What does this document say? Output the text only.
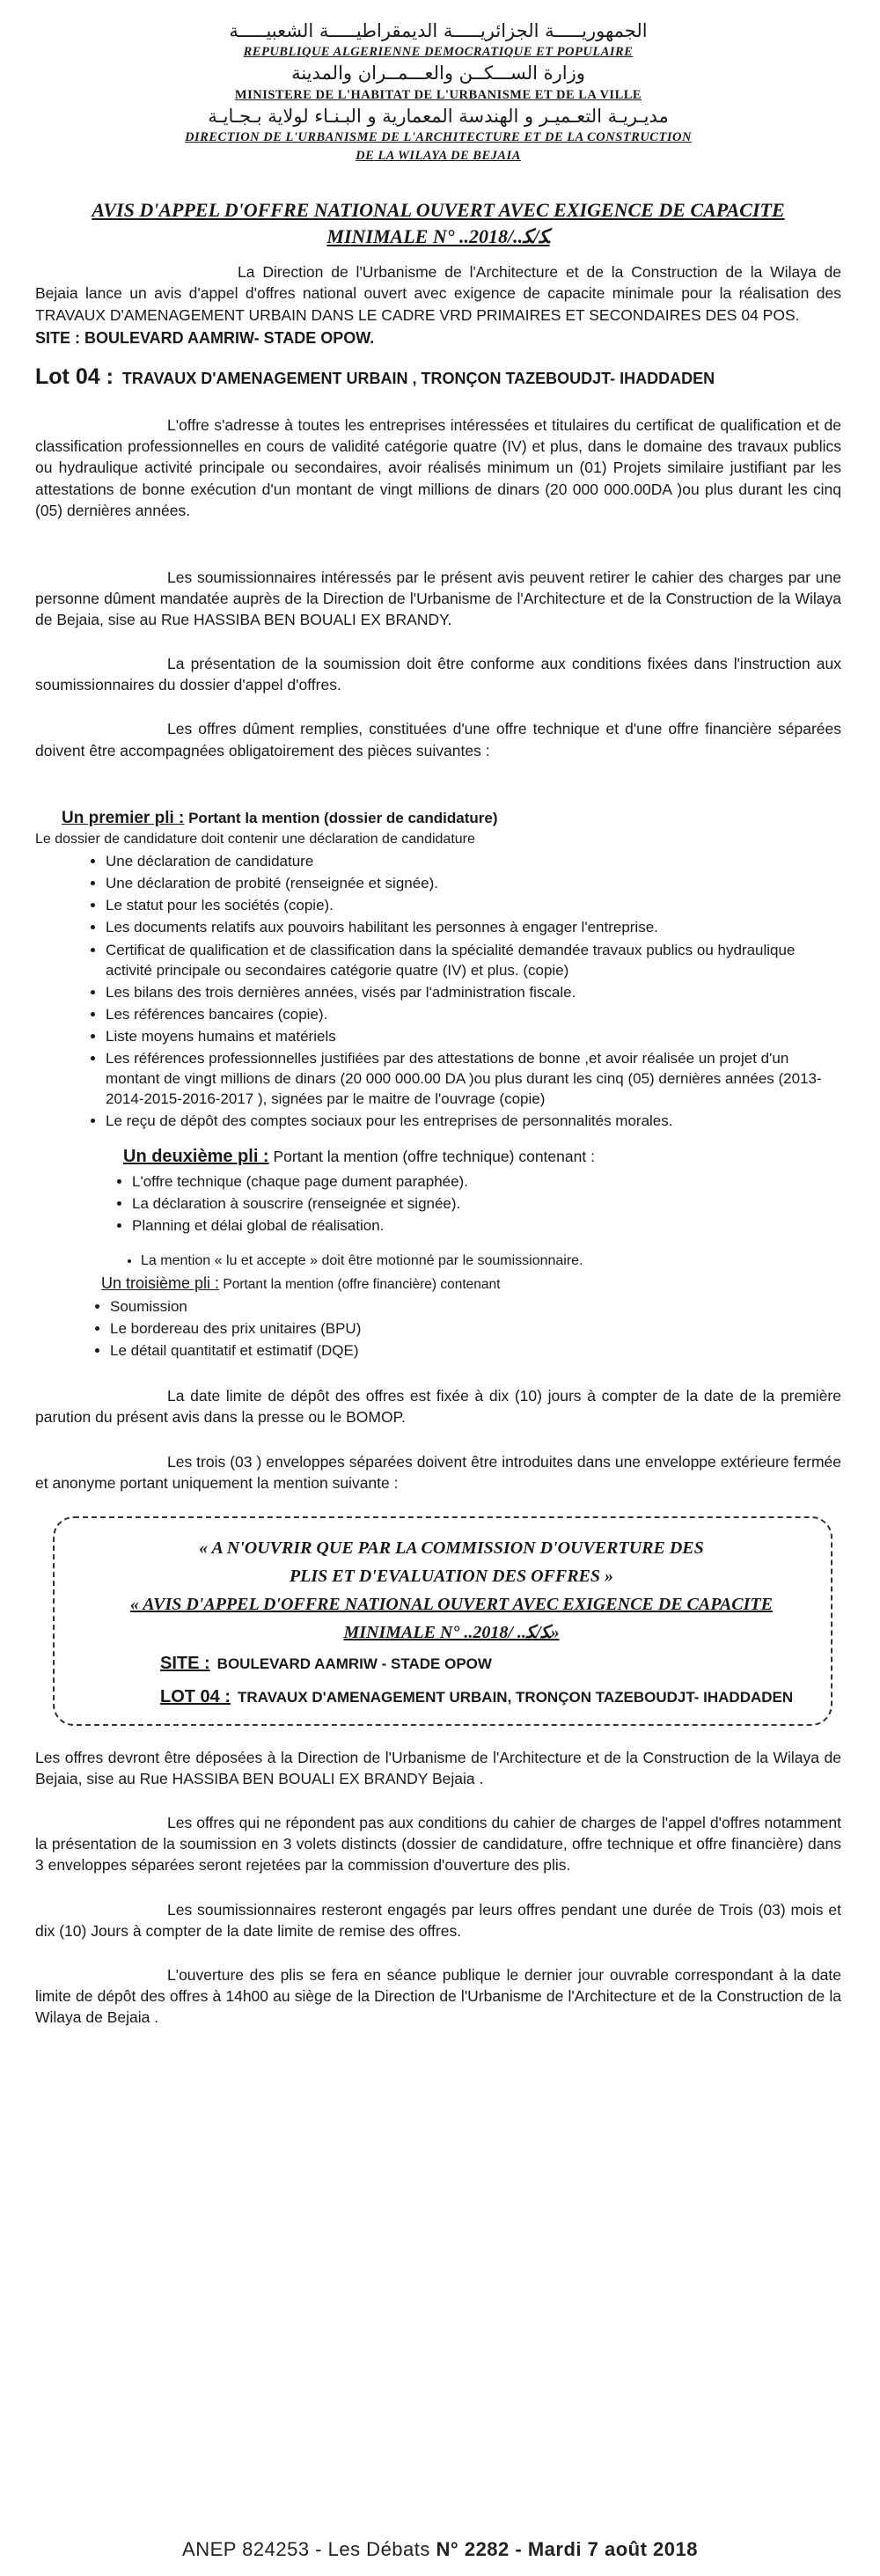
الجمهوريـــــة الجزائريـــــة الديمقراطيـــــة الشعبيـــــة
REPUBLIQUE ALGERIENNE DEMOCRATIQUE ET POPULAIRE
وزارة الســـكــن والعـــمــران والمدينة
MINISTERE DE L'HABITAT DE L'URBANISME ET DE LA VILLE
مديـريـة التعـميـر و الهندسة المعمارية و البـنـاء لولاية بـجـايـة
DIRECTION DE L'URBANISME DE L'ARCHITECTURE ET DE LA CONSTRUCTION
DE LA WILAYA DE BEJAIA
AVIS D'APPEL D'OFFRE NATIONAL OUVERT AVEC EXIGENCE DE CAPACITE
MINIMALE N° ..ﻜ/ﻜ../2018

La Direction de l'Urbanisme de l'Architecture et de la Construction de la Wilaya de Bejaia lance un avis d'appel d'offres national ouvert avec exigence de capacite minimale pour la réalisation des TRAVAUX D'AMENAGEMENT URBAIN DANS LE CADRE VRD PRIMAIRES ET SECONDAIRES DES 04 POS.

SITE : BOULEVARD AAMRIW- STADE OPOW.
Lot 04 : TRAVAUX D'AMENAGEMENT URBAIN , TRONÇON TAZEBOUDJT- IHADDADEN

L'offre s'adresse à toutes les entreprises intéressées et titulaires du certificat de qualification et de classification professionnelles en cours de validité catégorie quatre (IV) et plus, dans le domaine des travaux publics ou hydraulique activité principale ou secondaires, avoir réalisés minimum un (01) Projets similaire justifiant par les attestations de bonne exécution d'un montant de vingt millions de dinars (20 000 000.00DA )ou plus durant les cinq (05) dernières années.

Les soumissionnaires intéressés par le présent avis peuvent retirer le cahier des charges par une personne dûment mandatée auprès de la Direction de l'Urbanisme de l'Architecture et de la Construction de la Wilaya de Bejaia, sise au Rue HASSIBA BEN BOUALI EX BRANDY.

La présentation de la soumission doit être conforme aux conditions fixées dans l'instruction aux soumissionnaires du dossier d'appel d'offres.

Les offres dûment remplies, constituées d'une offre technique et d'une offre financière séparées doivent être accompagnées obligatoirement des pièces suivantes :

Un premier pli : Portant la mention (dossier de candidature)
Le dossier de candidature doit contenir une déclaration de candidature
• Une déclaration de candidature
• Une déclaration de probité (renseignée et signée).
• Le statut pour les sociétés (copie).
• Les documents relatifs aux pouvoirs habilitant les personnes à engager l'entreprise.
• Certificat de qualification et de classification dans la spécialité demandée travaux publics ou hydraulique activité principale ou secondaires catégorie quatre (IV) et plus. (copie)
• Les bilans des trois dernières années, visés par l'administration fiscale.
• Les références bancaires (copie).
• Liste moyens humains et matériels
• Les références professionnelles justifiées par des attestations de bonne ,et avoir réalisée un projet d'un montant de vingt millions de dinars (20 000 000.00 DA )ou plus durant les cinq (05) dernières années (2013-2014-2015-2016-2017 ), signées par le maitre de l'ouvrage (copie)
• Le reçu de dépôt des comptes sociaux pour les entreprises de personnalités morales.
Un deuxième pli : Portant la mention (offre technique) contenant :
• L'offre technique (chaque page dument paraphée).
• La déclaration à souscrire (renseignée et signée).
• Planning et délai global de réalisation.
• La mention « lu et accepte » doit être motionné par le soumissionnaire.
Un troisième pli : Portant la mention (offre financière) contenant
• Soumission
• Le bordereau des prix unitaires (BPU)
• Le détail quantitatif et estimatif (DQE)

La date limite de dépôt des offres est fixée à dix (10) jours à compter de la date de la première parution du présent avis dans la presse ou le BOMOP.

Les trois (03 ) enveloppes séparées doivent être introduites dans une enveloppe extérieure fermée et anonyme portant uniquement la mention suivante :

« A N'OUVRIR QUE PAR LA COMMISSION D'OUVERTURE DES
PLIS ET D'EVALUATION DES OFFRES »
« AVIS D'APPEL D'OFFRE NATIONAL OUVERT AVEC EXIGENCE DE CAPACITE
MINIMALE N° ..ﻜ/ﻜ.. /2018»
SITE : BOULEVARD AAMRIW - STADE OPOW
LOT 04 : TRAVAUX D'AMENAGEMENT URBAIN, TRONÇON TAZEBOUDJT- IHADDADEN

Les offres devront être déposées à la Direction de l'Urbanisme de l'Architecture et de la Construction de la Wilaya de Bejaia, sise au Rue HASSIBA BEN BOUALI EX BRANDY Bejaia .

Les offres qui ne répondent pas aux conditions du cahier de charges de l'appel d'offres notamment la présentation de la soumission en 3 volets distincts (dossier de candidature, offre technique et offre financière) dans 3 enveloppes séparées seront rejetées par la commission d'ouverture des plis.

Les soumissionnaires resteront engagés par leurs offres pendant une durée de Trois (03) mois et dix (10) Jours à compter de la date limite de remise des offres.

L'ouverture des plis se fera en séance publique le dernier jour ouvrable correspondant à la date limite de dépôt des offres à 14h00 au siège de la Direction de l'Urbanisme de l'Architecture et de la Construction de la Wilaya de Bejaia .

ANEP 824253 - Les Débats N° 2282 - Mardi 7 août 2018
